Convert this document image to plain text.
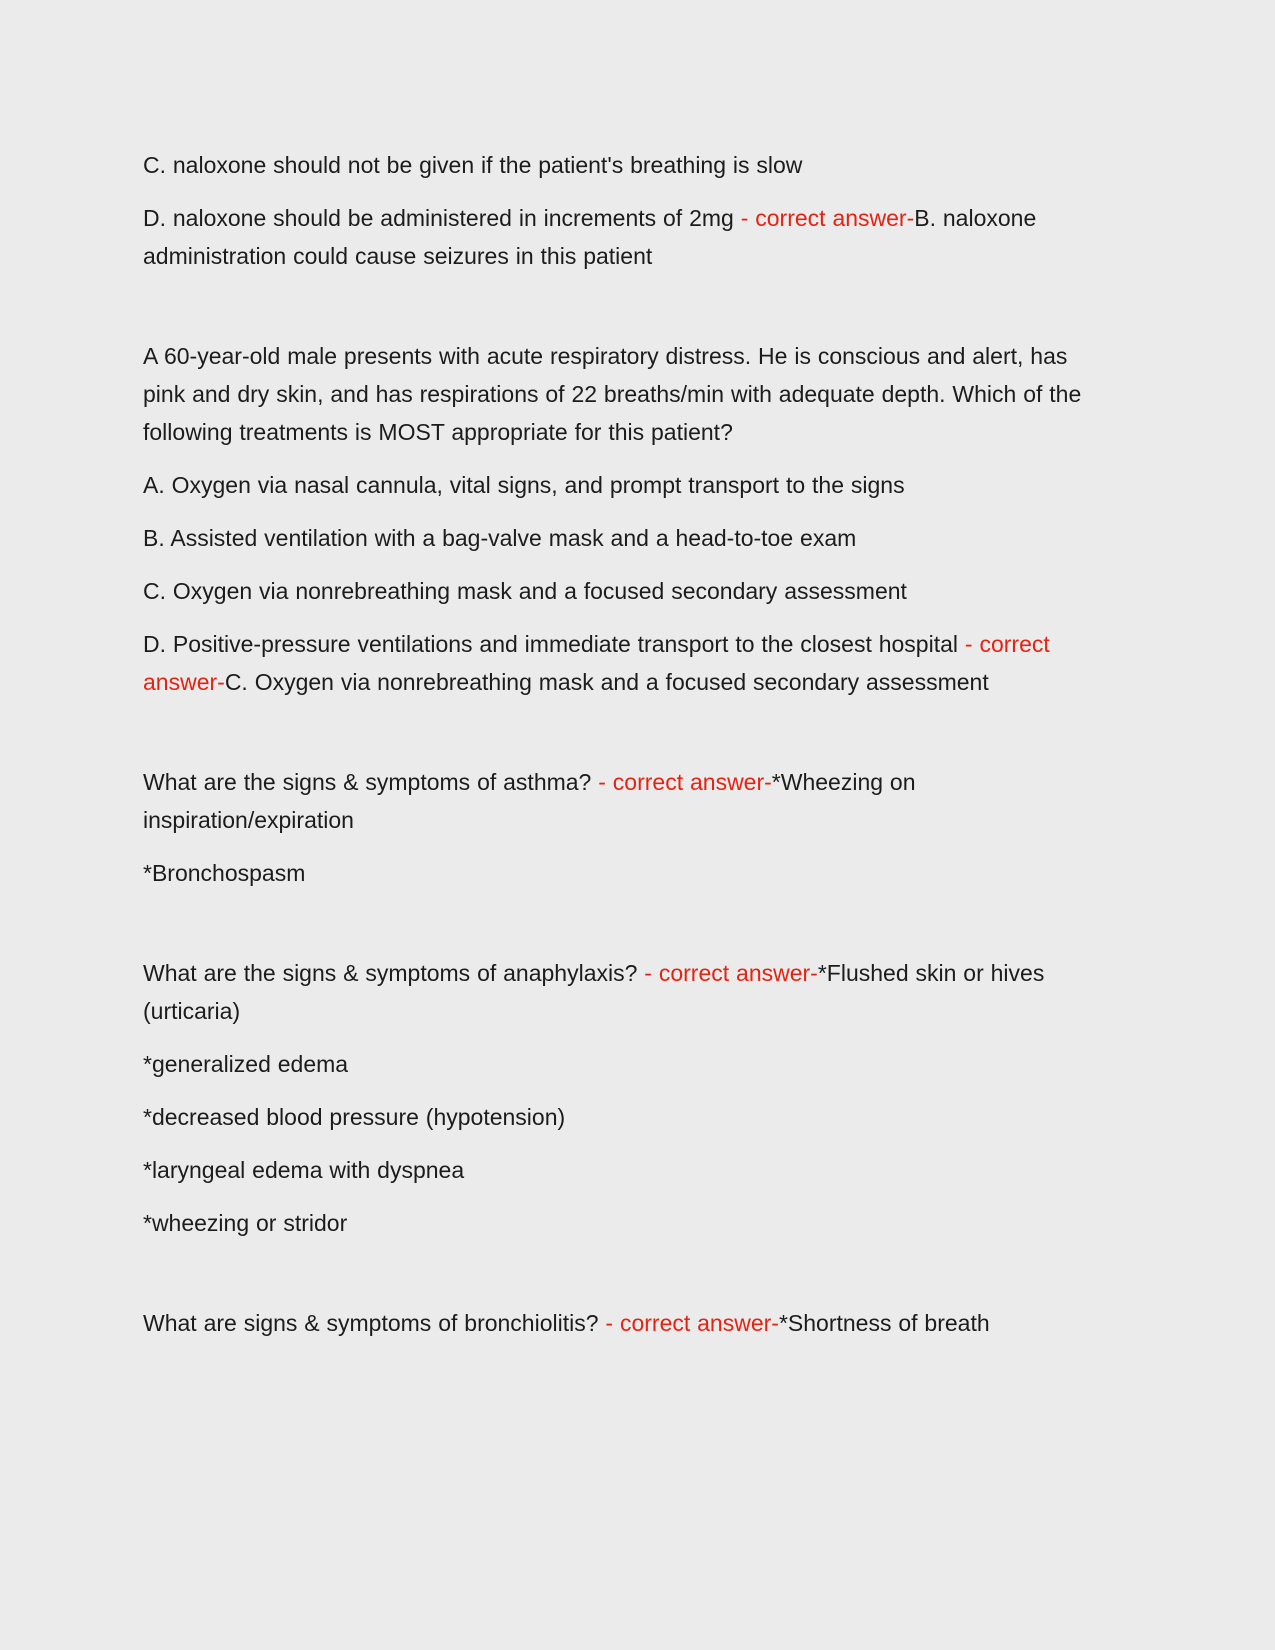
C. naloxone should not be given if the patient's breathing is slow

D. naloxone should be administered in increments of 2mg - correct answer-B. naloxone administration could cause seizures in this patient

A 60-year-old male presents with acute respiratory distress. He is conscious and alert, has pink and dry skin, and has respirations of 22 breaths/min with adequate depth. Which of the following treatments is MOST appropriate for this patient?

A. Oxygen via nasal cannula, vital signs, and prompt transport to the signs

B. Assisted ventilation with a bag-valve mask and a head-to-toe exam

C. Oxygen via nonrebreathing mask and a focused secondary assessment

D. Positive-pressure ventilations and immediate transport to the closest hospital - correct answer-C. Oxygen via nonrebreathing mask and a focused secondary assessment

What are the signs & symptoms of asthma? - correct answer-*Wheezing on inspiration/expiration

*Bronchospasm

What are the signs & symptoms of anaphylaxis? - correct answer-*Flushed skin or hives (urticaria)

*generalized edema

*decreased blood pressure (hypotension)

*laryngeal edema with dyspnea

*wheezing or stridor

What are signs & symptoms of bronchiolitis? - correct answer-*Shortness of breath
